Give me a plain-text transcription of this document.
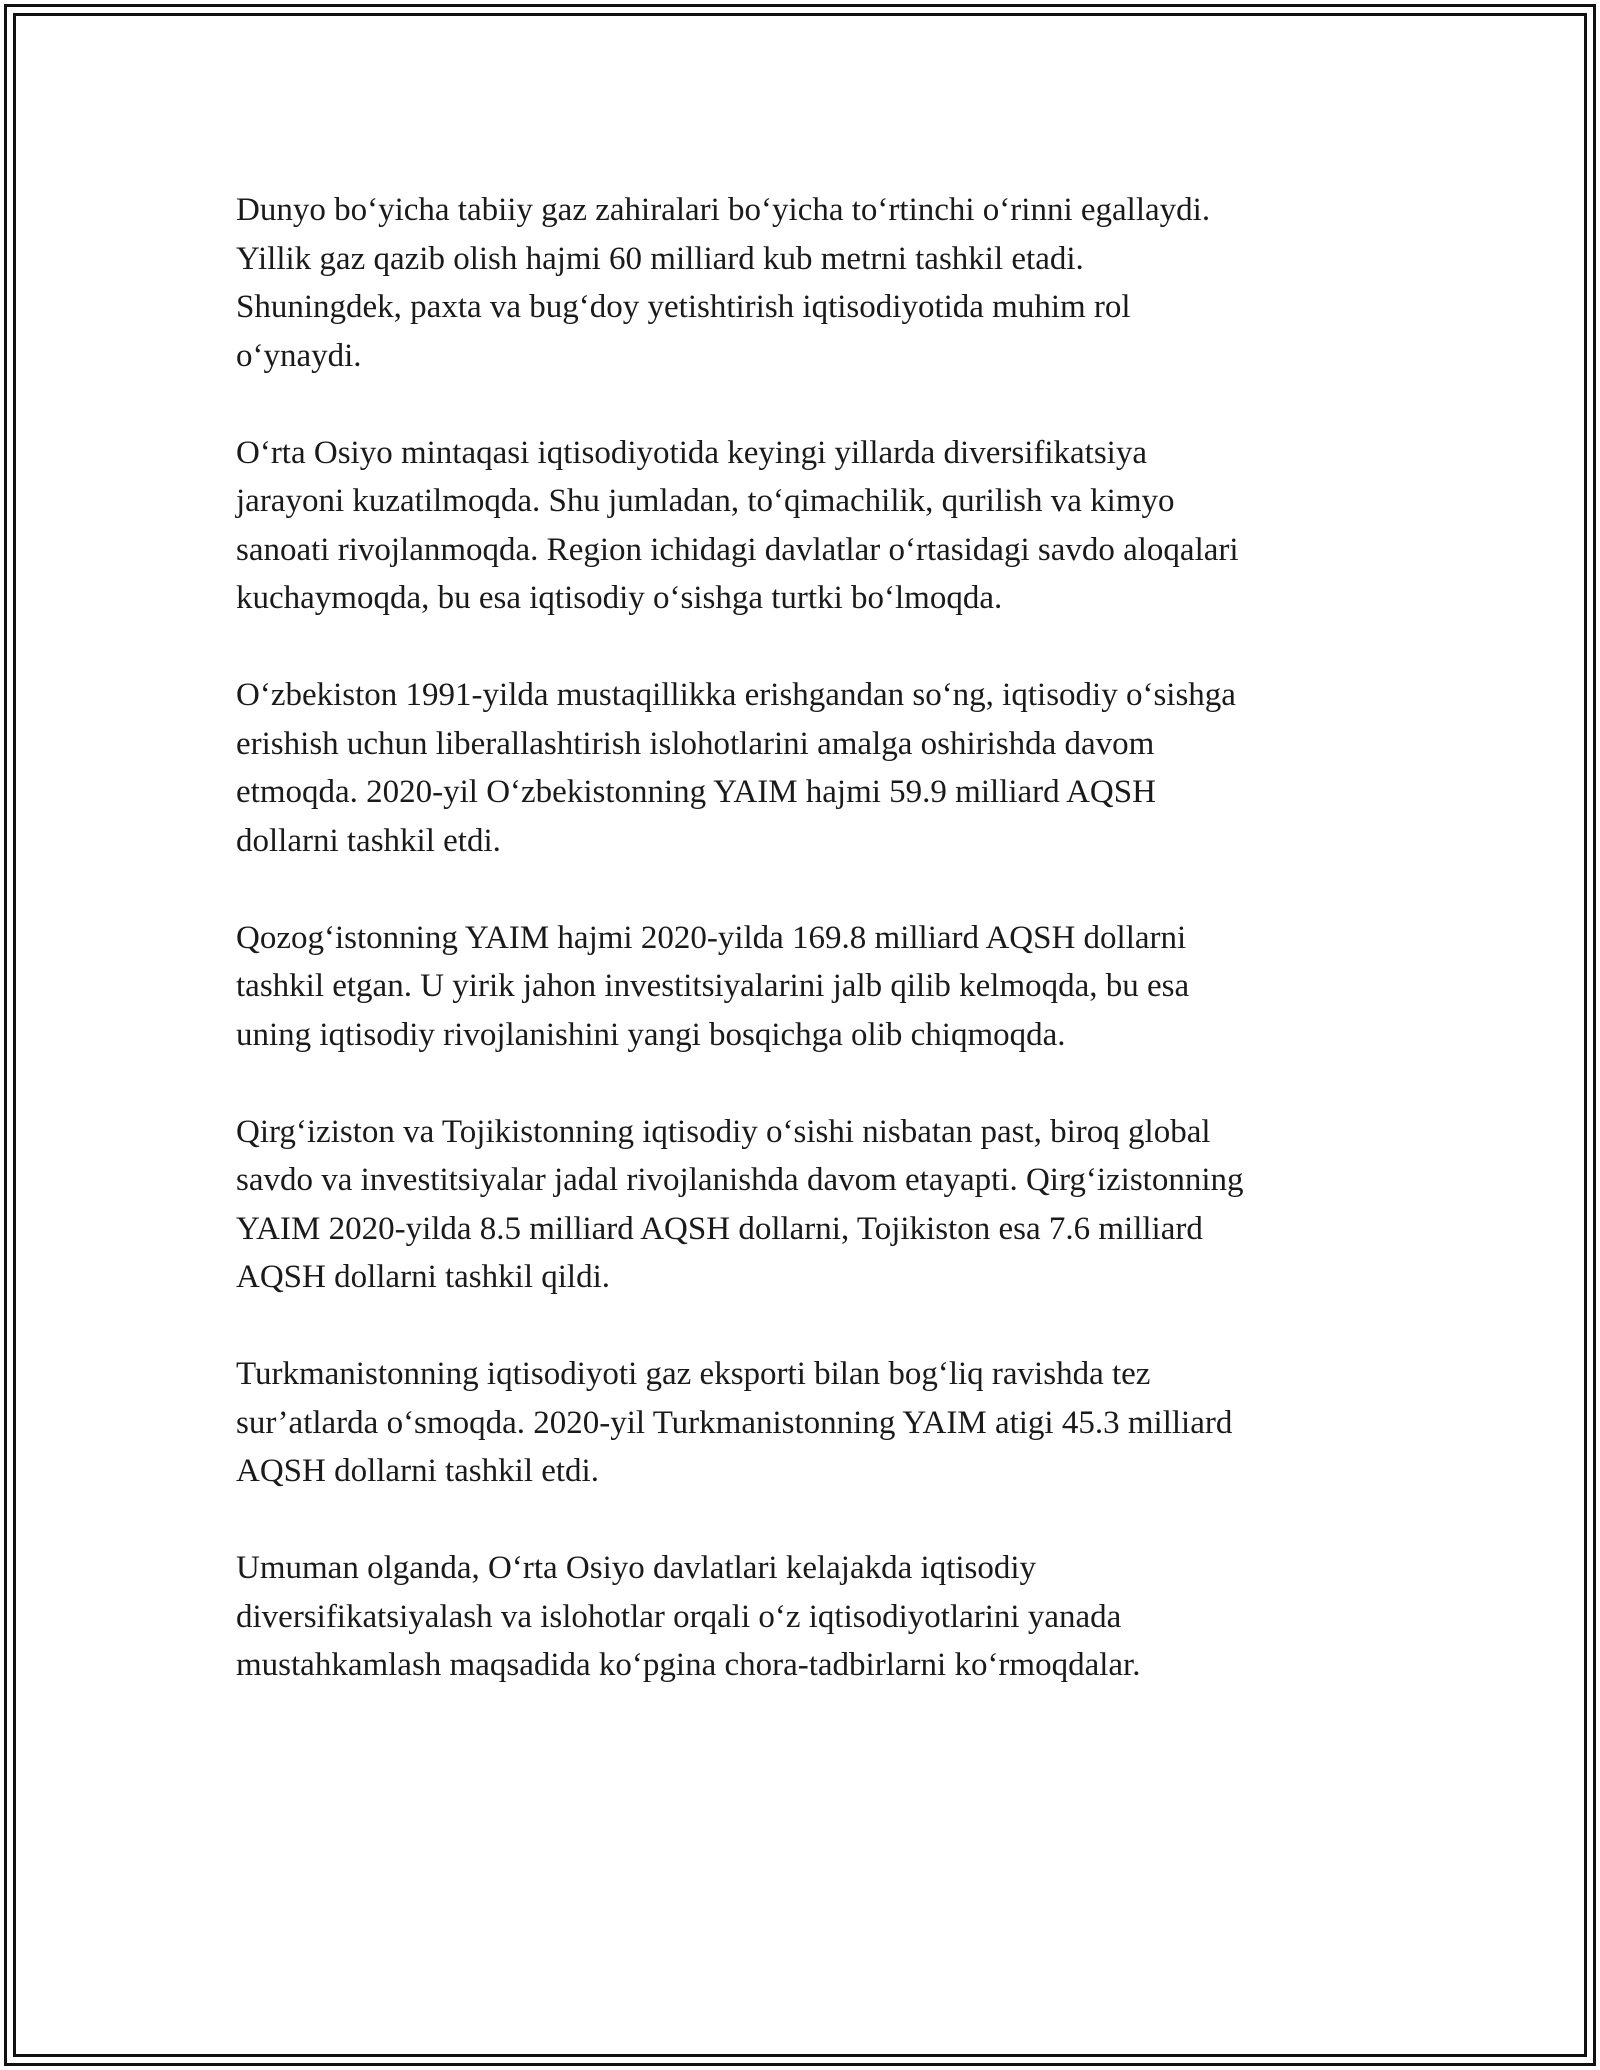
Dunyo bo‘yicha tabiiy gaz zahiralari bo‘yicha to‘rtinchi o‘rinni egallaydi.
Yillik gaz qazib olish hajmi 60 milliard kub metrni tashkil etadi.
Shuningdek, paxta va bug‘doy yetishtirish iqtisodiyotida muhim rol
o‘ynaydi.

O‘rta Osiyo mintaqasi iqtisodiyotida keyingi yillarda diversifikatsiya
jarayoni kuzatilmoqda. Shu jumladan, to‘qimachilik, qurilish va kimyo
sanoati rivojlanmoqda. Region ichidagi davlatlar o‘rtasidagi savdo aloqalari
kuchaymoqda, bu esa iqtisodiy o‘sishga turtki bo‘lmoqda.

O‘zbekiston 1991-yilda mustaqillikka erishgandan so‘ng, iqtisodiy o‘sishga
erishish uchun liberallashtirish islohotlarini amalga oshirishda davom
etmoqda. 2020-yil O‘zbekistonning YAIM hajmi 59.9 milliard AQSH
dollarni tashkil etdi.

Qozog‘istonning YAIM hajmi 2020-yilda 169.8 milliard AQSH dollarni
tashkil etgan. U yirik jahon investitsiyalarini jalb qilib kelmoqda, bu esa
uning iqtisodiy rivojlanishini yangi bosqichga olib chiqmoqda.

Qirg‘iziston va Tojikistonning iqtisodiy o‘sishi nisbatan past, biroq global
savdo va investitsiyalar jadal rivojlanishda davom etayapti. Qirg‘izistonning
YAIM 2020-yilda 8.5 milliard AQSH dollarni, Tojikiston esa 7.6 milliard
AQSH dollarni tashkil qildi.

Turkmanistonning iqtisodiyoti gaz eksporti bilan bog‘liq ravishda tez
sur’atlarda o‘smoqda. 2020-yil Turkmanistonning YAIM atigi 45.3 milliard
AQSH dollarni tashkil etdi.

Umuman olganda, O‘rta Osiyo davlatlari kelajakda iqtisodiy
diversifikatsiyalash va islohotlar orqali o‘z iqtisodiyotlarini yanada
mustahkamlash maqsadida ko‘pgina chora-tadbirlarni ko‘rmoqdalar.
